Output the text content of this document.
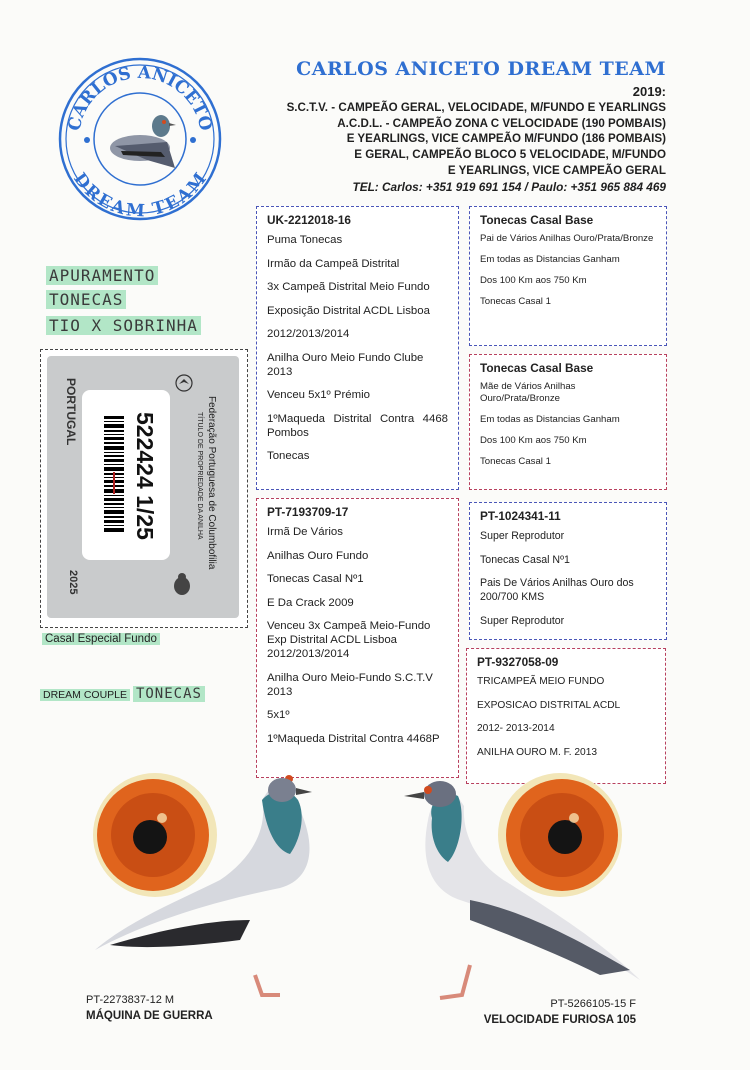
CARLOS ANICETO DREAM TEAM
2019:
S.C.T.V. - CAMPEÃO GERAL, VELOCIDADE, M/FUNDO E YEARLINGS
A.C.D.L. - CAMPEÃO ZONA C VELOCIDADE (190 POMBAIS)
E YEARLINGS, VICE CAMPEÃO M/FUNDO (186 POMBAIS)
E GERAL, CAMPEÃO BLOCO 5 VELOCIDADE, M/FUNDO
E YEARLINGS, VICE CAMPEÃO GERAL
TEL: Carlos: +351 919 691 154 / Paulo: +351 965 884 469
CARLOS ANICETO
DREAM TEAM
APURAMENTO
TONECAS
TIO X SOBRINHA
PORTUGAL
522424 1/25	Federação Portuguesa de Columbofilia
TÍTULO DE PROPRIEDADE DA ANILHA
2025
Casal Especial Fundo
DREAM COUPLE TONECAS
UK-2212018-16
Puma Tonecas
Irmão da Campeã Distrital
3x Campeã Distrital Meio Fundo
Exposição Distrital ACDL Lisboa
2012/2013/2014
Anilha Ouro Meio Fundo Clube 2013
Venceu 5x1º Prémio
1ºMaqueda Distrital Contra 4468 Pombos
Tonecas
Tonecas Casal Base
Pai de Vários Anilhas Ouro/Prata/Bronze
Em todas as Distancias Ganham
Dos 100 Km aos 750 Km
Tonecas Casal 1
Tonecas Casal Base
Mãe de Vários Anilhas Ouro/Prata/Bronze
Em todas as Distancias Ganham
Dos 100 Km aos 750 Km
Tonecas Casal 1
PT-7193709-17
Irmã De Vários
Anilhas Ouro Fundo
Tonecas Casal Nº1
E Da Crack 2009
Venceu 3x Campeã Meio-Fundo Exp Distrital ACDL Lisboa 2012/2013/2014
Anilha Ouro Meio-Fundo S.C.T.V 2013
5x1º
1ºMaqueda Distrital Contra 4468P
PT-1024341-11
Super Reprodutor
Tonecas Casal Nº1
Pais De Vários Anilhas Ouro dos 200/700 KMS
Super Reprodutor
PT-9327058-09
TRICAMPEÃ MEIO FUNDO
EXPOSICAO DISTRITAL ACDL
2012- 2013-2014
ANILHA OURO M. F. 2013
PT-2273837-12 M
MÁQUINA DE GUERRA
PT-5266105-15 F
VELOCIDADE FURIOSA 105
